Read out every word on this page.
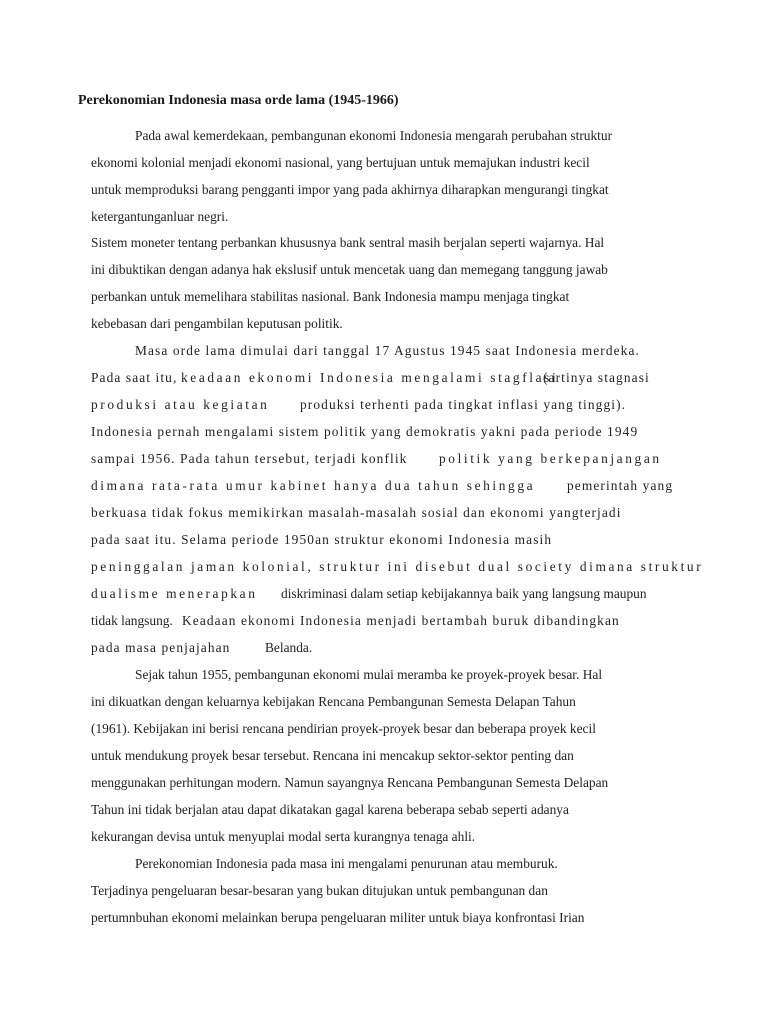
Perekonomian Indonesia masa orde lama (1945-1966)
Pada awal kemerdekaan, pembangunan ekonomi Indonesia mengarah perubahan struktur
ekonomi kolonial menjadi ekonomi nasional, yang bertujuan untuk memajukan industri kecil
untuk memproduksi barang pengganti impor yang pada akhirnya diharapkan mengurangi tingkat
ketergantunganluar negri.
Sistem moneter tentang perbankan khususnya bank sentral masih berjalan seperti wajarnya. Hal
ini dibuktikan dengan adanya hak ekslusif untuk mencetak uang dan memegang tanggung jawab
perbankan untuk memelihara stabilitas nasional. Bank Indonesia mampu menjaga tingkat
kebebasan dari pengambilan keputusan politik.
Masa orde lama dimulai dari tanggal 17 Agustus 1945 saat Indonesia merdeka.
Pada saat itu, keadaan ekonomi Indonesia mengalami stagflasi
(artinya stagnasi
produksi atau kegiatan produksi terhenti pada tingkat inflasi yang tinggi).
Indonesia pernah mengalami sistem politik yang demokratis yakni pada periode 1949
sampai 1956. Pada tahun tersebut, terjadi konflik politik yang berkepanjangan
dimana rata-rata umur kabinet hanya dua tahun sehingga pemerintah yang
berkuasa tidak fokus memikirkan masalah-masalah sosial dan ekonomi yangterjadi
pada saat itu. Selama periode 1950an struktur ekonomi Indonesia masih
peninggalan jaman kolonial, struktur ini disebut dual society dimana struktur
dualisme menerapkan diskriminasi dalam setiap kebijakannya baik yang langsung maupun
tidak langsung. Keadaan ekonomi Indonesia menjadi bertambah buruk dibandingkan
pada masa penjajahan	Belanda.
Sejak tahun 1955, pembangunan ekonomi mulai meramba ke proyek-proyek besar. Hal
ini dikuatkan dengan keluarnya kebijakan Rencana Pembangunan Semesta Delapan Tahun
(1961). Kebijakan ini berisi rencana pendirian proyek-proyek besar dan beberapa proyek kecil
untuk mendukung proyek besar tersebut. Rencana ini mencakup sektor-sektor penting dan
menggunakan perhitungan modern. Namun sayangnya Rencana Pembangunan Semesta Delapan
Tahun ini tidak berjalan atau dapat dikatakan gagal karena beberapa sebab seperti adanya
kekurangan devisa untuk menyuplai modal serta kurangnya tenaga ahli.
Perekonomian Indonesia pada masa ini mengalami penurunan atau memburuk.
Terjadinya pengeluaran besar-besaran yang bukan ditujukan untuk pembangunan dan
pertumnbuhan ekonomi melainkan berupa pengeluaran militer untuk biaya konfrontasi Irian
